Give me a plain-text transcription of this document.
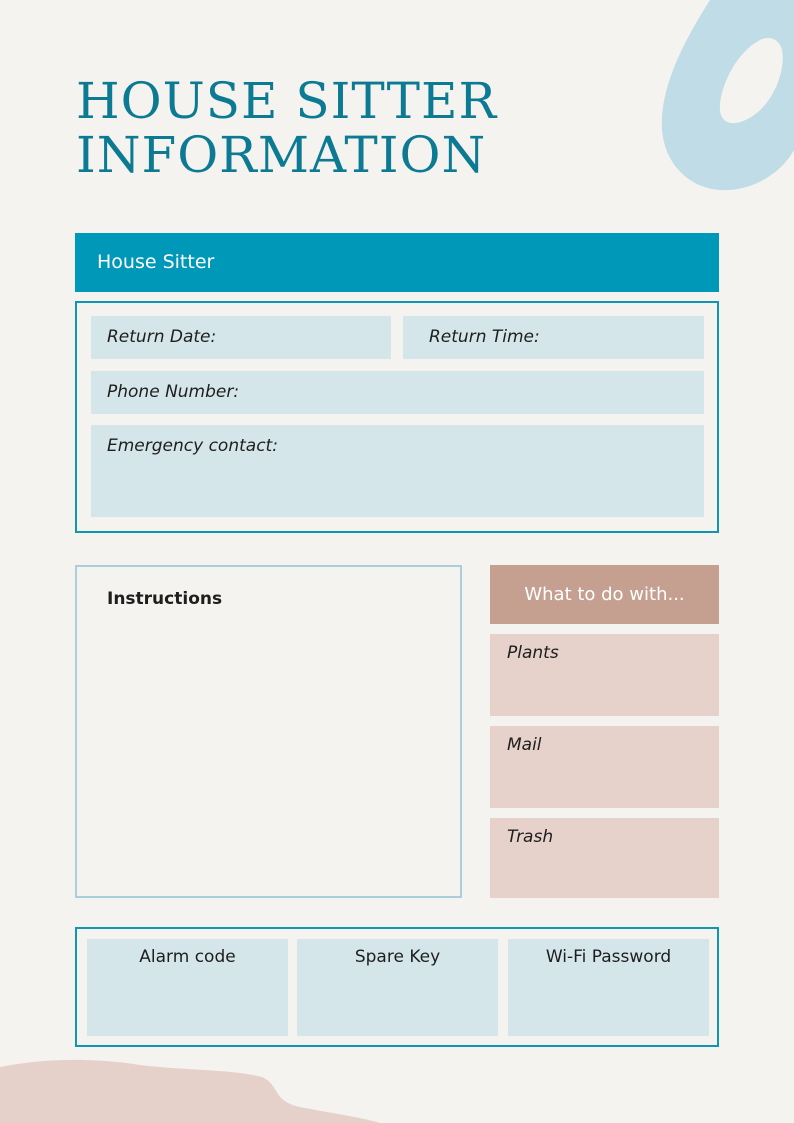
HOUSE SITTER
INFORMATION
House Sitter
Return Date:	Return Time:
Phone Number:
Emergency contact:
Instructions	What to do with...
Plants
Mail
Trash
Alarm code	Spare Key	Wi-Fi Password
